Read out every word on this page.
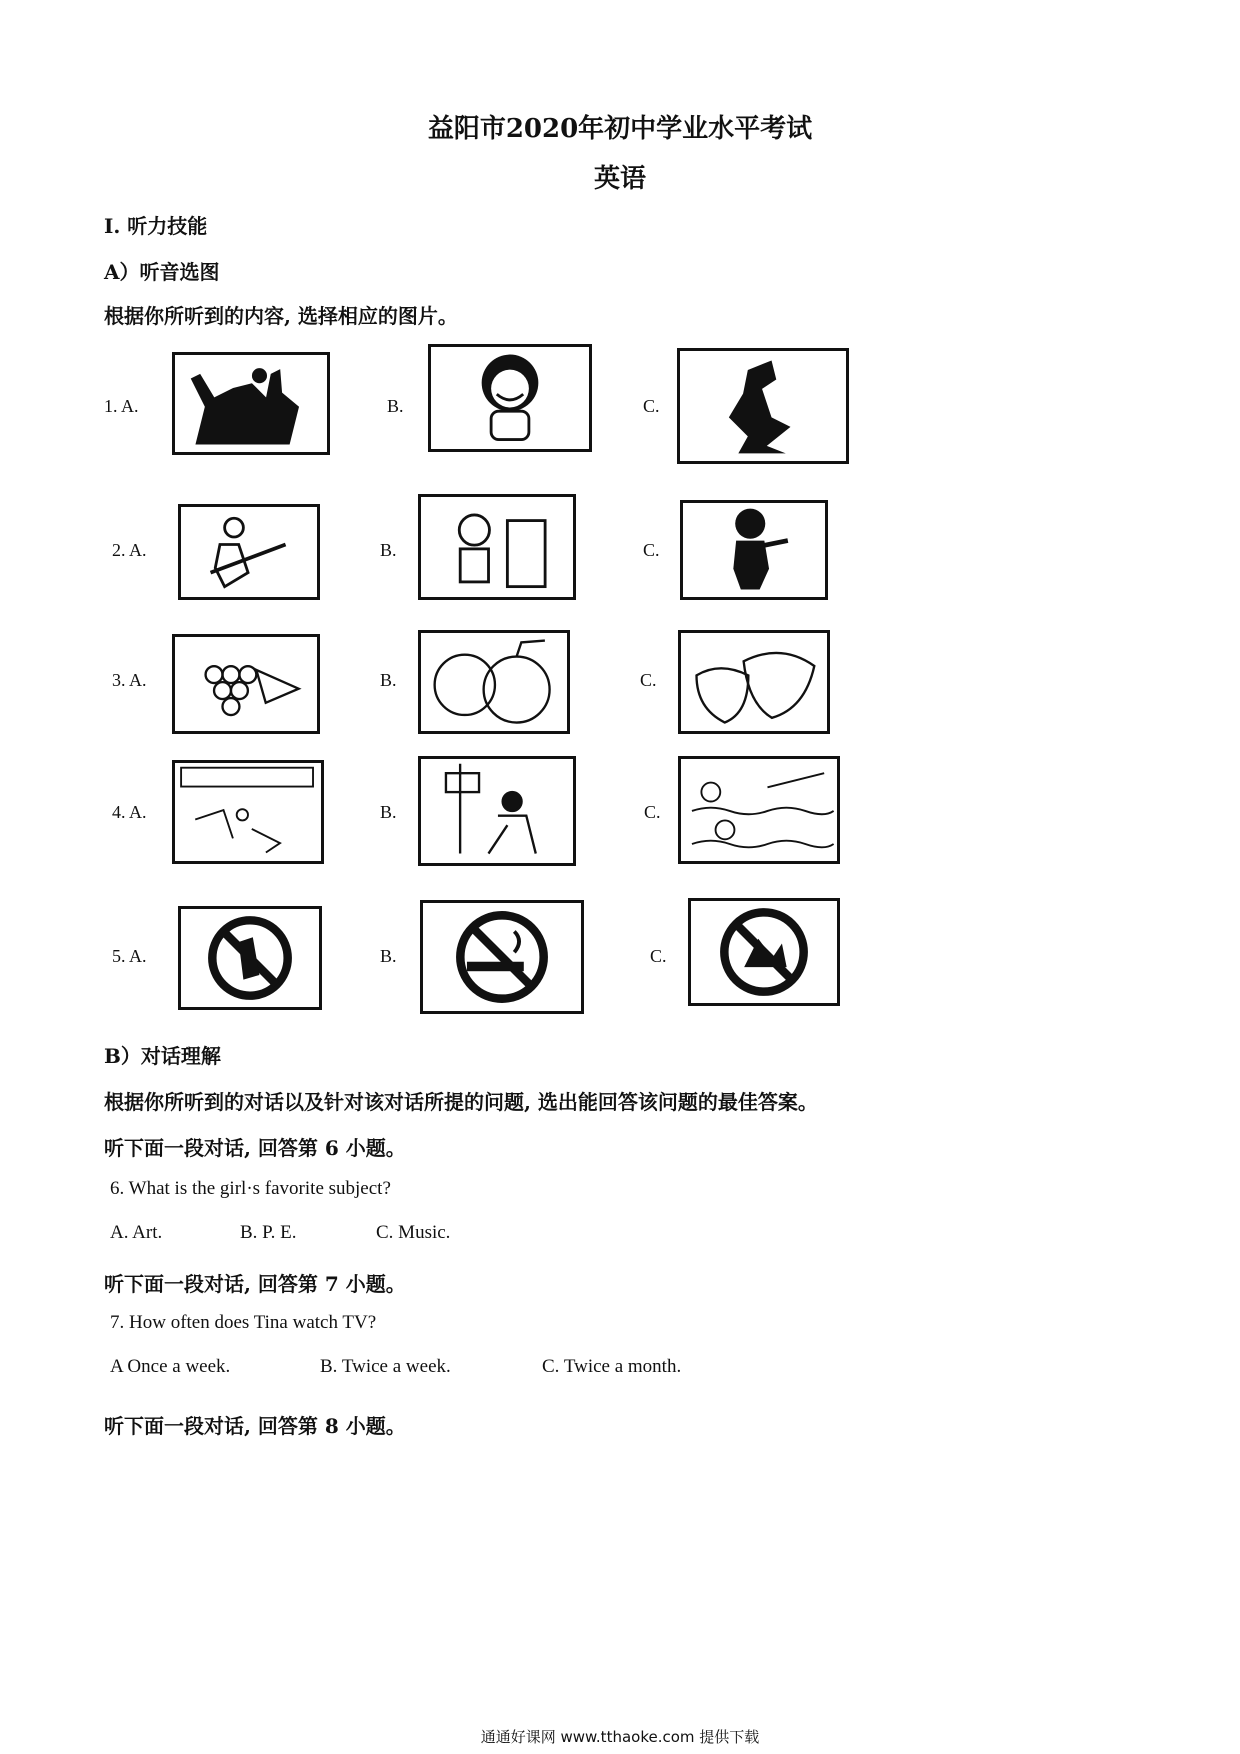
益阳市2020年初中学业水平考试
英语
Ⅰ. 听力技能
A）听音选图
根据你所听到的内容, 选择相应的图片。
1. A.	B.	C.
2. A.	B.	C.
3. A.	B.	C.
4. A.	B.	C.
5. A.	B.	C.
B）对话理解
根据你所听到的对话以及针对该对话所提的问题, 选出能回答该问题的最佳答案。
听下面一段对话, 回答第 6 小题。
6. What is the girl·s favorite subject?
A. Art.	B. P. E.	C. Music.
听下面一段对话, 回答第 7 小题。
7. How often does Tina watch TV?
A Once a week.	B. Twice a week.	C. Twice a month.
听下面一段对话, 回答第 8 小题。
通通好课网 www.tthaoke.com 提供下载
